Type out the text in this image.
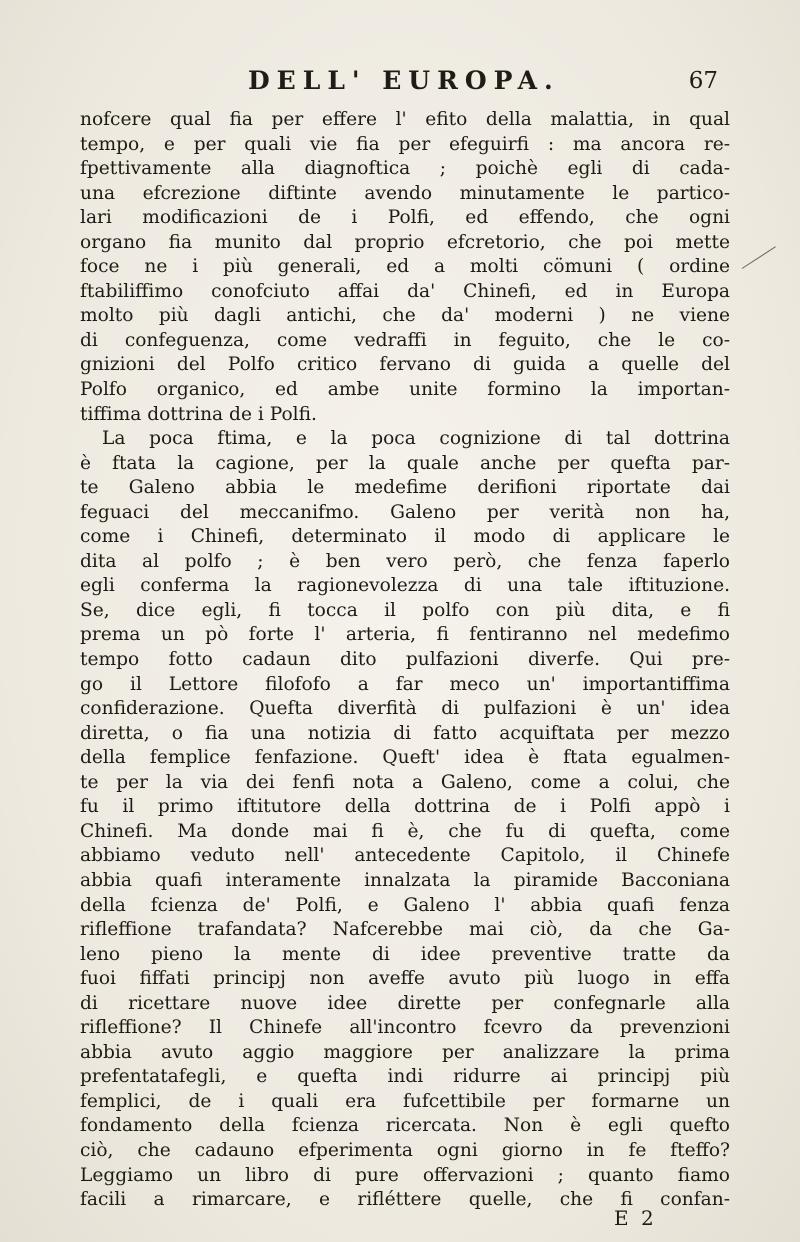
DELL' EUROPA.	67
nofcere qual fia per effere l' efito della malattia, in qual
tempo, e per quali vie fia per efeguirfi : ma ancora re-
fpettivamente alla diagnoftica ; poichè egli di cada-
una efcrezione diftinte avendo minutamente le partico-
lari modificazioni de i Polfi, ed effendo, che ogni
organo fia munito dal proprio efcretorio, che poi mette
foce ne i più generali, ed a molti cömuni ( ordine
ftabiliffimo conofciuto affai da' Chinefi, ed in Europa
molto più dagli antichi, che da' moderni ) ne viene
di confeguenza, come vedraffi in feguito, che le co-
gnizioni del Polfo critico fervano di guida a quelle del
Polfo organico, ed ambe unite formino la importan-
tiffima dottrina de i Polfi.
La poca ftima, e la poca cognizione di tal dottrina
è ftata la cagione, per la quale anche per quefta par-
te Galeno abbia le medefime derifioni riportate dai
feguaci del meccanifmo. Galeno per verità non ha,
come i Chinefi, determinato il modo di applicare le
dita al polfo ; è ben vero però, che fenza faperlo
egli conferma la ragionevolezza di una tale iftituzione.
Se, dice egli, fi tocca il polfo con più dita, e fi
prema un pò forte l' arteria, fi fentiranno nel medefimo
tempo fotto cadaun dito pulfazioni diverfe. Qui pre-
go il Lettore filofofo a far meco un' importantiffima
confiderazione. Quefta diverfità di pulfazioni è un' idea
diretta, o fia una notizia di fatto acquiftata per mezzo
della femplice fenfazione. Queft' idea è ftata egualmen-
te per la via dei fenfi nota a Galeno, come a colui, che
fu il primo iftitutore della dottrina de i Polfi appò i
Chinefi. Ma donde mai fi è, che fu di quefta, come
abbiamo veduto nell' antecedente Capitolo, il Chinefe
abbia quafi interamente innalzata la piramide Bacconiana
della fcienza de' Polfi, e Galeno l' abbia quafi fenza
rifleffione trafandata? Nafcerebbe mai ciò, da che Ga-
leno pieno la mente di idee preventive tratte da
fuoi fiffati principj non aveffe avuto più luogo in effa
di ricettare nuove idee dirette per confegnarle alla
rifleffione? Il Chinefe all'incontro fcevro da prevenzioni
abbia avuto aggio maggiore per analizzare la prima
prefentatafegli, e quefta indi ridurre ai principj più
femplici, de i quali era fufcettibile per formarne un
fondamento della fcienza ricercata. Non è egli quefto
ciò, che cadauno efperimenta ogni giorno in fe fteffo?
Leggiamo un libro di pure offervazioni ; quanto fiamo
facili a rimarcare, e rifléttere quelle, che fi confan-
E 2
